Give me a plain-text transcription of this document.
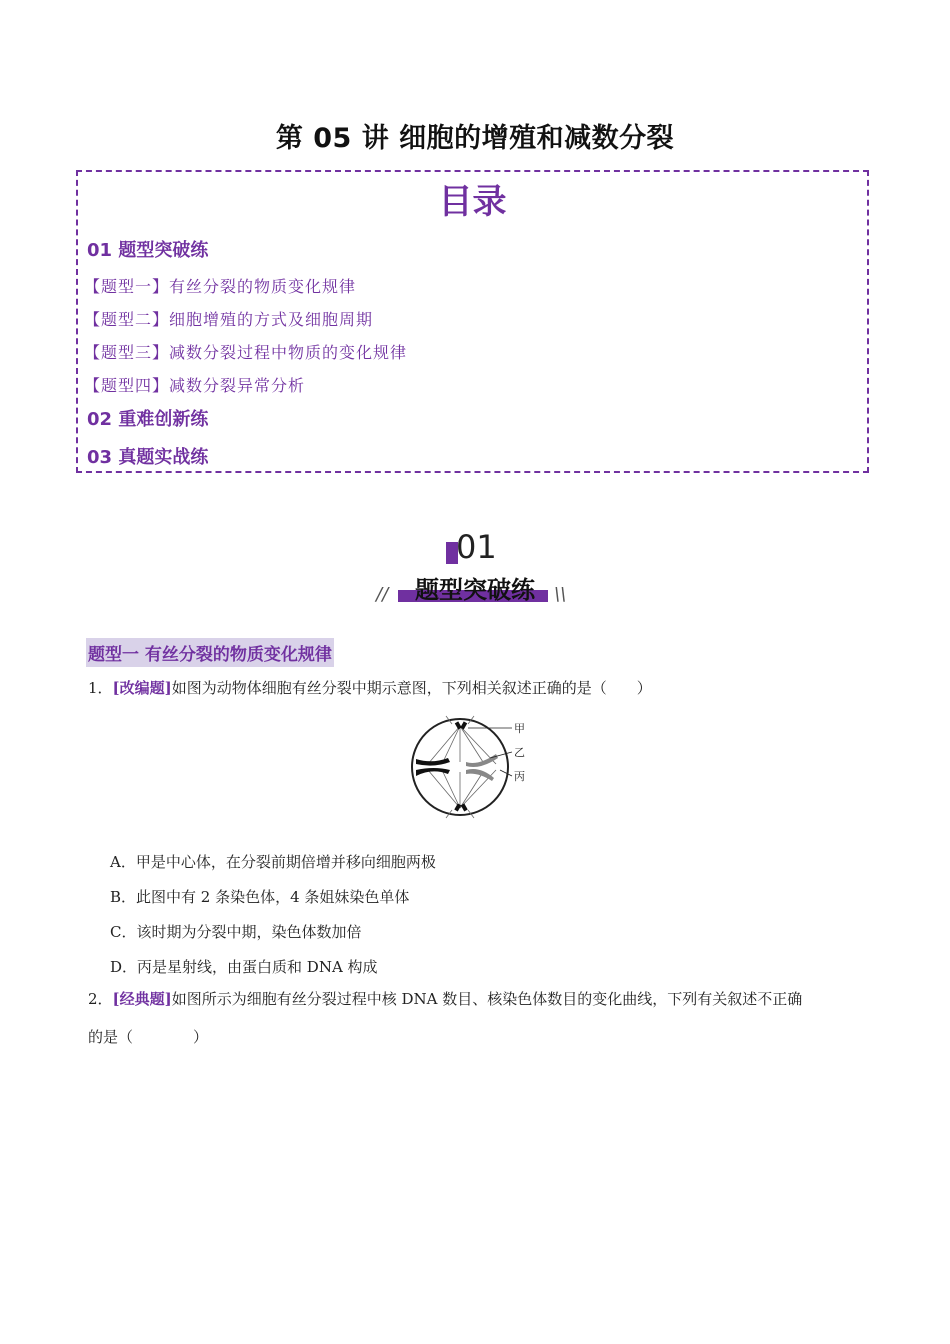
第 05 讲 细胞的增殖和减数分裂
目录
01 题型突破练
【题型一】有丝分裂的物质变化规律
【题型二】细胞增殖的方式及细胞周期
【题型三】减数分裂过程中物质的变化规律
【题型四】减数分裂异常分析
02 重难创新练
03 真题实战练
01
题型突破练
//	\\
题型一 有丝分裂的物质变化规律
1．[改编题]如图为动物体细胞有丝分裂中期示意图，下列相关叙述正确的是（　　）
甲
乙
丙
A．甲是中心体，在分裂前期倍增并移向细胞两极
B．此图中有 2 条染色体，4 条姐妹染色单体
C．该时期为分裂中期，染色体数加倍
D．丙是星射线，由蛋白质和 DNA 构成
2．[经典题]如图所示为细胞有丝分裂过程中核 DNA 数目、核染色体数目的变化曲线，下列有关叙述不正确
的是（　　　　）
